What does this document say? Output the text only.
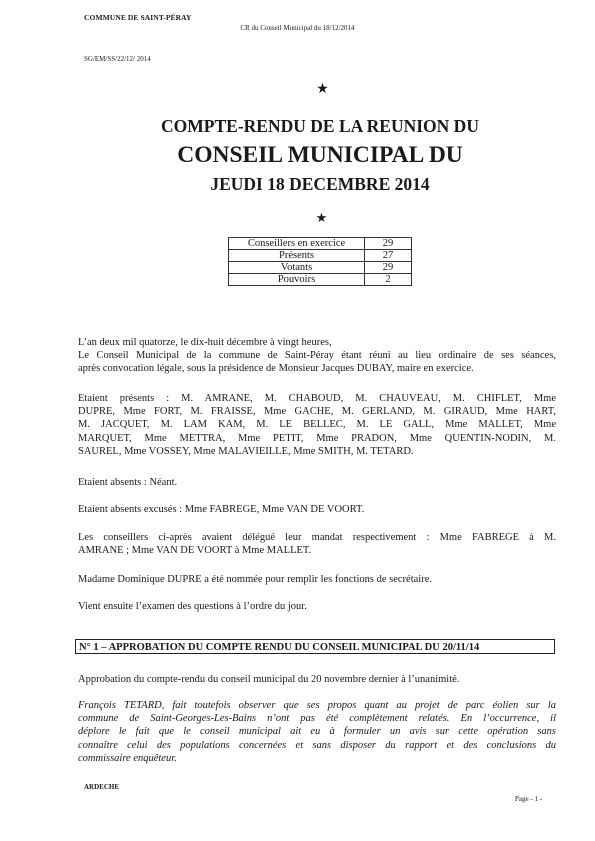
COMMUNE DE SAINT-PÉRAY
CR du Conseil Municipal du 18/12/2014
SG/EM/SS/22/12/ 2014
★
COMPTE-RENDU DE LA REUNION DU
CONSEIL MUNICIPAL DU
JEUDI 18 DECEMBRE 2014
★
Conseillers en exercice	29
Présents	27
Votants	29
Pouvoirs	2
L’an deux mil quatorze, le dix-huit décembre à vingt heures,
Le Conseil Municipal de la commune de Saint-Péray étant réuni au lieu ordinaire de ses séances,
après convocation légale, sous la présidence de Monsieur Jacques DUBAY, maire en exercice.
Etaient présents : M. AMRANE, M. CHABOUD, M. CHAUVEAU, M. CHIFLET, Mme
DUPRE, Mme FORT, M. FRAISSE, Mme GACHE, M. GERLAND, M. GIRAUD, Mme HART,
M. JACQUET, M. LAM KAM, M. LE BELLEC, M. LE GALL, Mme MALLET, Mme
MARQUET, Mme METTRA, Mme PETIT, Mme PRADON, Mme QUENTIN-NODIN, M.
SAUREL, Mme VOSSEY, Mme MALAVIEILLE, Mme SMITH, M. TETARD.
Etaient absents : Néant.
Etaient absents excusés : Mme FABREGE, Mme VAN DE VOORT.
Les conseillers ci-après avaient délégué leur mandat respectivement : Mme FABREGE à M.
AMRANE ; Mme VAN DE VOORT à Mme MALLET.
Madame Dominique DUPRE a été nommée pour remplir les fonctions de secrétaire.
Vient ensuite l’examen des questions à l’ordre du jour.
N° 1 – APPROBATION DU COMPTE RENDU DU CONSEIL MUNICIPAL DU 20/11/14
Approbation du compte-rendu du conseil municipal du 20 novembre dernier à l’unanimité.
François TETARD, fait toutefois observer que ses propos quant au projet de parc éolien sur la
commune de Saint-Georges-Les-Bains n’ont pas été complètement relatés. En l’occurrence, il
déplore le fait que le conseil municipal ait eu à formuler un avis sur cette opération sans
connaître celui des populations concernées et sans disposer du rapport et des conclusions du
commissaire enquêteur.
ARDECHE
Page - 1 -
